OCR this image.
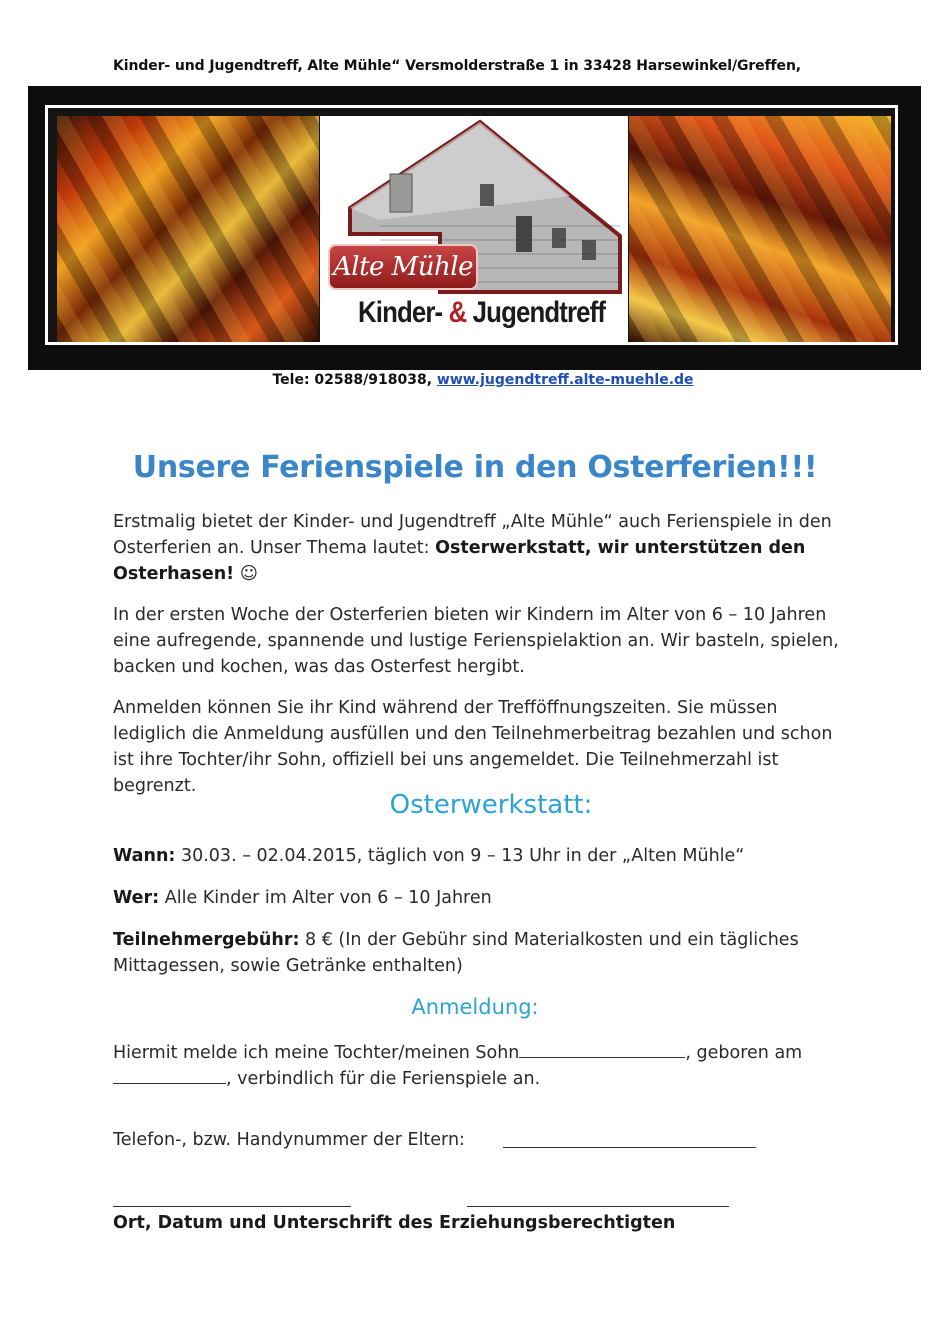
Kinder- und Jugendtreff, Alte Mühle“ Versmolderstraße 1 in 33428 Harsewinkel/Greffen,
Alte Mühle
Kinder- & Jugendtreff
Tele: 02588/918038, www.jugendtreff.alte-muehle.de
Unsere Ferienspiele in den Osterferien!!!
Erstmalig bietet der Kinder- und Jugendtreff „Alte Mühle“ auch Ferienspiele in den Osterferien an. Unser Thema lautet: Osterwerkstatt, wir unterstützen den Osterhasen! ☺
In der ersten Woche der Osterferien bieten wir Kindern im Alter von 6 – 10 Jahren eine aufregende, spannende und lustige Ferienspielaktion an. Wir basteln, spielen, backen und kochen, was das Osterfest hergibt.
Anmelden können Sie ihr Kind während der Trefföffnungszeiten. Sie müssen lediglich die Anmeldung ausfüllen und den Teilnehmerbeitrag bezahlen und schon ist ihre Tochter/ihr Sohn, offiziell bei uns angemeldet. Die Teilnehmerzahl ist begrenzt.
Osterwerkstatt:
Wann: 30.03. – 02.04.2015, täglich von 9 – 13 Uhr in der „Alten Mühle“
Wer: Alle Kinder im Alter von 6 – 10 Jahren
Teilnehmergebühr: 8 € (In der Gebühr sind Materialkosten und ein tägliches Mittagessen, sowie Getränke enthalten)
Anmeldung:
Hiermit melde ich meine Tochter/meinen Sohn	, geboren am
, verbindlich für die Ferienspiele an.
Telefon-, bzw. Handynummer der Eltern:
Ort, Datum und Unterschrift des Erziehungsberechtigten
